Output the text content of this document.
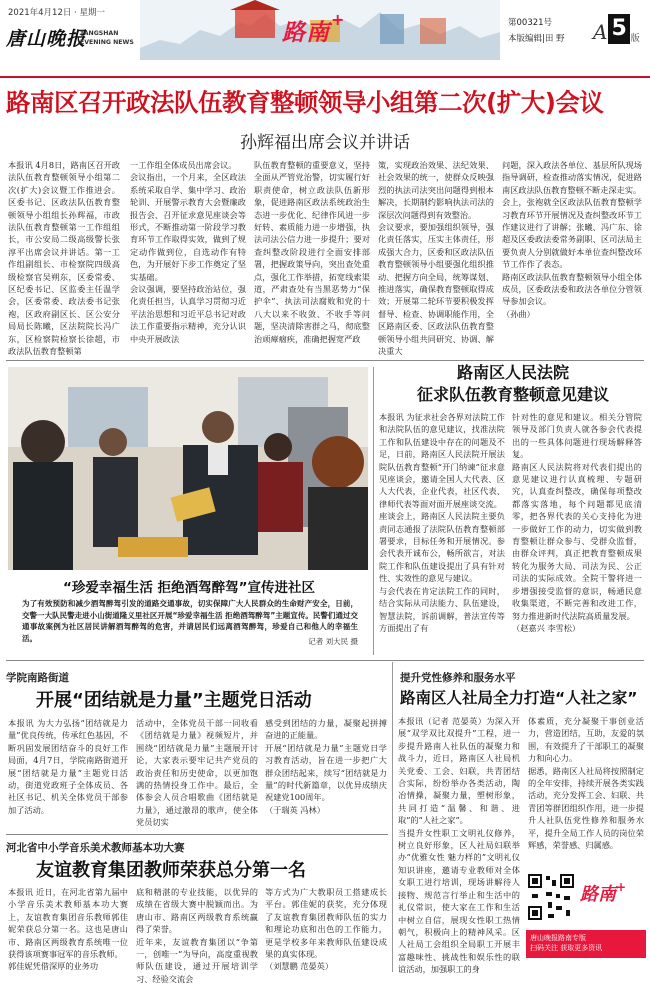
2021年4月12日 · 星期一
唐山晚报
TANGSHAN
EVENING NEWS	路南
+	第00321号
本版编辑|田 野 A 5 版
路南区召开政法队伍教育整顿领导小组第二次(扩大)会议
孙辉福出席会议并讲话
本报讯 4月8日，路南区召开政法队伍教育整顿领导小组第二次(扩大)会议暨工作推进会。区委书记、区政法队伍教育整顿领导小组组长孙辉福，市政法队伍教育整顿第一工作组组长，市公安局二级高级警长张淳平出席会议并讲话。第一工作组副组长、市检察院四级高级检察官吴朔东，区委常委、区纪委书记、区监委主任温学会，区委常委、政法委书记张袍，区政府副区长、区公安分局局长陈曦，区法院院长冯广东，区检察院检察长徐超，市政法队伍教育整顿第
一工作组全体成员出席会议。
会议指出，一个月来，全区政法系统采取自学、集中学习、政治轮训、开展警示教育大会暨廉政报告会、召开征求意见座谈会等形式，不断推动第一阶段学习教育环节工作取得实效，做到了规定动作做到位，自选动作有特色，为开展好下步工作奠定了坚实基础。
会议强调，要坚持政治站位，强化责任担当，认真学习贯彻习近平法治思想和习近平总书记对政法工作重要指示精神，充分认识中央开展政法
队伍教育整顿的重要意义，坚持全面从严管党治警，切实履行好职责使命，树立政法队伍新形象，促进路南区政法系统政治生态进一步优化、纪律作风进一步好转、素质能力进一步增强，执法司法公信力进一步提升；要对查纠整改阶段进行全面安排部署，把握政策导向，突出查处重点，强化工作举措，拓宽线索渠道，严肃查处有当黑恶势力“保护伞”、执法司法腐败和党的十八大以来不收敛、不收手等问题，坚决清除害群之马，彻底整治顽瘴痼疾，准确把握宽严政
策，实现政治效果、法纪效果、社会效果的统一，使群众反映强烈的执法司法突出问题得到根本解决，长期制约影响执法司法的深层次问题得到有效整治。
会议要求，要加强组织领导，强化责任落实，压实主体责任，形成强大合力，区委和区政法队伍教育整顿领导小组要强化组织推动、把握方向全局，统筹谋划、推进落实，确保教育整顿取得成效；开展第二轮环节要积极发挥督导、检查、协调职能作用，全区路南区委、区政法队伍教育整顿领导小组共同研究、协调、解决重大
问题，深入政法各单位、基层所队现场指导调研，检查推动落实情况，促进路南区政法队伍教育整顿不断走深走实。
会上，张袍就全区政法队伍教育整顿学习教育环节开展情况及查纠整改环节工作建议进行了讲解；张曦、冯广东、徐超及区委政法委常务副职、区司法局主要负责人分别就做好本单位查纠整改环节工作作了表态。
路南区政法队伍教育整顿领导小组全体成员，区委政法委和政法各单位分管领导参加会议。
（孙曲）
“珍爱幸福生活 拒绝酒驾醉驾”宣传进社区
为了有效预防和减少酒驾醉驾引发的道路交通事故，切实保障广大人民群众的生命财产安全，日前，交警一大队民警走进小山街道隆义里社区开展“珍爱幸福生活 拒绝酒驾醉驾”主题宣传。民警们通过交通事故案例为社区居民讲解酒驾醉驾的危害，并请居民们远离酒驾醉驾，珍爱自己和他人的幸福生活。	记者 刘大民 摄
路南区人民法院
征求队伍教育整顿意见建议
本报讯 为征求社会各界对法院工作和法院队伍的意见建议，找准法院工作和队伍建设中存在的问题及不足，日前，路南区人民法院开展法院队伍教育整顿“开门纳谏”征求意见座谈会，邀请全国人大代表、区人大代表，企业代表，社区代表、律师代表等面对面开展座谈交流。
座谈会上，路南区人民法院主要负责同志通报了法院队伍教育整顿部署要求，目标任务和开展情况。参会代表开诚布公，畅所欲言，对法院工作和队伍建设提出了具有针对性、实效性的意见与建议。
与会代表在肯定法院工作的同时，结合实际从司法能力、队伍建设，智慧法院，诉前调解，普法宣传等方面提出了有
针对性的意见和建议。相关分管院领导及部门负责人就各参会代表提出的一些具体问题进行现场解释答复。
路南区人民法院将对代表们提出的意见建议进行认真梳理、专题研究，认真查纠整改，确保每项整改都落实落地，每个问题都见底清零，把各界代表的关心支持化为进一步做好工作的动力，切实做到教育整顿让群众参与、受群众监督，由群众评判，真正把教育整顿成果转化为服务大局、司法为民、公正司法的实际成效。全院干警将进一步增强接受监督的意识，畅通民意收集渠道，不断完善和改进工作，努力推进新时代法院高质量发展。
（赵嘉兴 李雪松）
学院南路街道
开展“团结就是力量”主题党日活动
本报讯 为大力弘扬“团结就是力量”优良传统，传承红色基因，不断巩固发展团结奋斗的良好工作局面，4月7日，学院南路街道开展“团结就是力量”主题党日活动，街道党政班子全体成员、各社区书记、机关全体党员干部参加了活动。
活动中，全体党员干部一同收看《团结就是力量》视频短片，并围绕“团结就是力量”主题展开讨论，大家表示要牢记共产党员的政治责任和历史使命，以更加饱满的热情投身工作中。最后，全体参会人员合唱歌曲《团结就是力量》，通过激昂的歌声，使全体党员切实
感受到团结的力量，凝聚起拼搏奋进的正能量。
开展“团结就是力量”主题党日学习教育活动，旨在进一步把广大群众团结起来，续写“团结就是力量”的时代新篇章，以优异成绩庆祝建党100周年。
（于瑞英 冯林）
河北省中小学音乐美术教师基本功大赛
友谊教育集团教师荣获总分第一名
本报讯 近日，在河北省第九届中小学音乐美术教师基本功大赛上，友谊教育集团音乐教师郭佳妮荣获总分第一名。这也是唐山市、路南区两级教育系统唯一位获得该项赛事冠军的音乐教师。
郭佳妮凭借深厚的业务功
底和精湛的专业技能，以优异的成绩在省级大赛中脱颖而出。为唐山市、路南区两级教育系统赢得了荣誉。
近年来，友谊教育集团以“争第一，创唯一”为导向，高度重视教师队伍建设，通过开展培训学习、经验交流会
等方式为广大教职员工搭建成长平台。郭佳妮的获奖，充分体现了友谊教育集团教师队伍的实力和理论功底和出色的工作能力，更是学校多年来教师队伍建设成果的真实体现。
（刘慧鹏 范晏英）
提升党性修养和服务水平
路南区人社局全力打造“人社之家”
本报讯（记者 范晏英）为深入开展“双学双比双提升”工程，进一步提升路南人社队伍的凝聚力和战斗力，近日，路南区人社局机关党委、工会、妇联，共青团结合实际，纷纷举办各类活动，陶冶情操，凝聚力量，塑树形象，共同打造“温馨、和谐、进取”的“人社之家”。
当提升女性职工文明礼仪修养，树立良好形象，区人社局妇联举办“优雅女性 魅力样的”文明礼仪知识讲座，邀请专业教师对全体女职工进行培训，现场讲解待人接物、规范言行举止和生活中的礼仪常识，使大家在工作和生活中树立自信，展现女性职工热情朝气，积极向上的精神风采。区人社局工会组织全局职工开展丰富趣味性、挑战性和娱乐性的联谊活动，加强职工的身
体素质，充分凝聚干事创业活力，营造团结，互助，友爱的氛围，有效提升了干部职工的凝聚力和向心力。
据悉，路南区人社局将按照制定的全年安排，持续开展各类实践活动，充分发挥工会、妇联、共青团等群团组织作用，进一步提升人社队伍党性修养和服务水平，提升全局工作人员的岗位荣辉感，荣誉感、归属感。
路南 +
唐山晚报路南专版
扫码关注 获取更多资讯
